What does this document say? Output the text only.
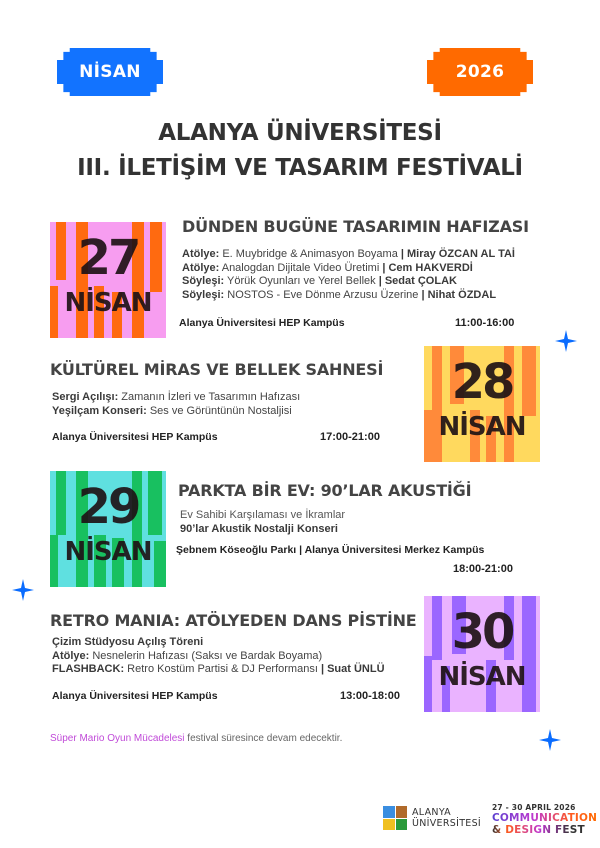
NİSAN	2026
ALANYA ÜNİVERSİTESİ
III. İLETİŞİM VE TASARIM FESTİVALİ
27
NİSAN
DÜNDEN BUGÜNE TASARIMIN HAFIZASI
Atölye: E. Muybridge & Animasyon Boyama | Miray ÖZCAN AL TAİ
Atölye: Analogdan Dijitale Video Üretimi | Cem HAKVERDİ
Söyleşi: Yörük Oyunları ve Yerel Bellek | Sedat ÇOLAK
Söyleşi: NOSTOS - Eve Dönme Arzusu Üzerine | Nihat ÖZDAL
Alanya Üniversitesi HEP Kampüs	11:00-16:00
KÜLTÜREL MİRAS VE BELLEK SAHNESİ
Sergi Açılışı: Zamanın İzleri ve Tasarımın Hafızası
Yeşilçam Konseri: Ses ve Görüntünün Nostaljisi
Alanya Üniversitesi HEP Kampüs	17:00-21:00
28
NİSAN
29
NİSAN
PARKTA BİR EV: 90’LAR AKUSTİĞİ
Ev Sahibi Karşılaması ve İkramlar
90’lar Akustik Nostalji Konseri
Şebnem Köseoğlu Parkı | Alanya Üniversitesi Merkez Kampüs
18:00-21:00
RETRO MANIA: ATÖLYEDEN DANS PİSTİNE
Çizim Stüdyosu Açılış Töreni
Atölye: Nesnelerin Hafızası (Saksı ve Bardak Boyama)
FLASHBACK: Retro Kostüm Partisi & DJ Performansı | Suat ÜNLÜ
Alanya Üniversitesi HEP Kampüs	13:00-18:00
30
NİSAN
Süper Mario Oyun Mücadelesi festival süresince devam edecektir.
ALANYA
ÜNİVERSİTESİ
27 - 30 APRIL 2026
COMMUNICATION
& DESIGN FEST
